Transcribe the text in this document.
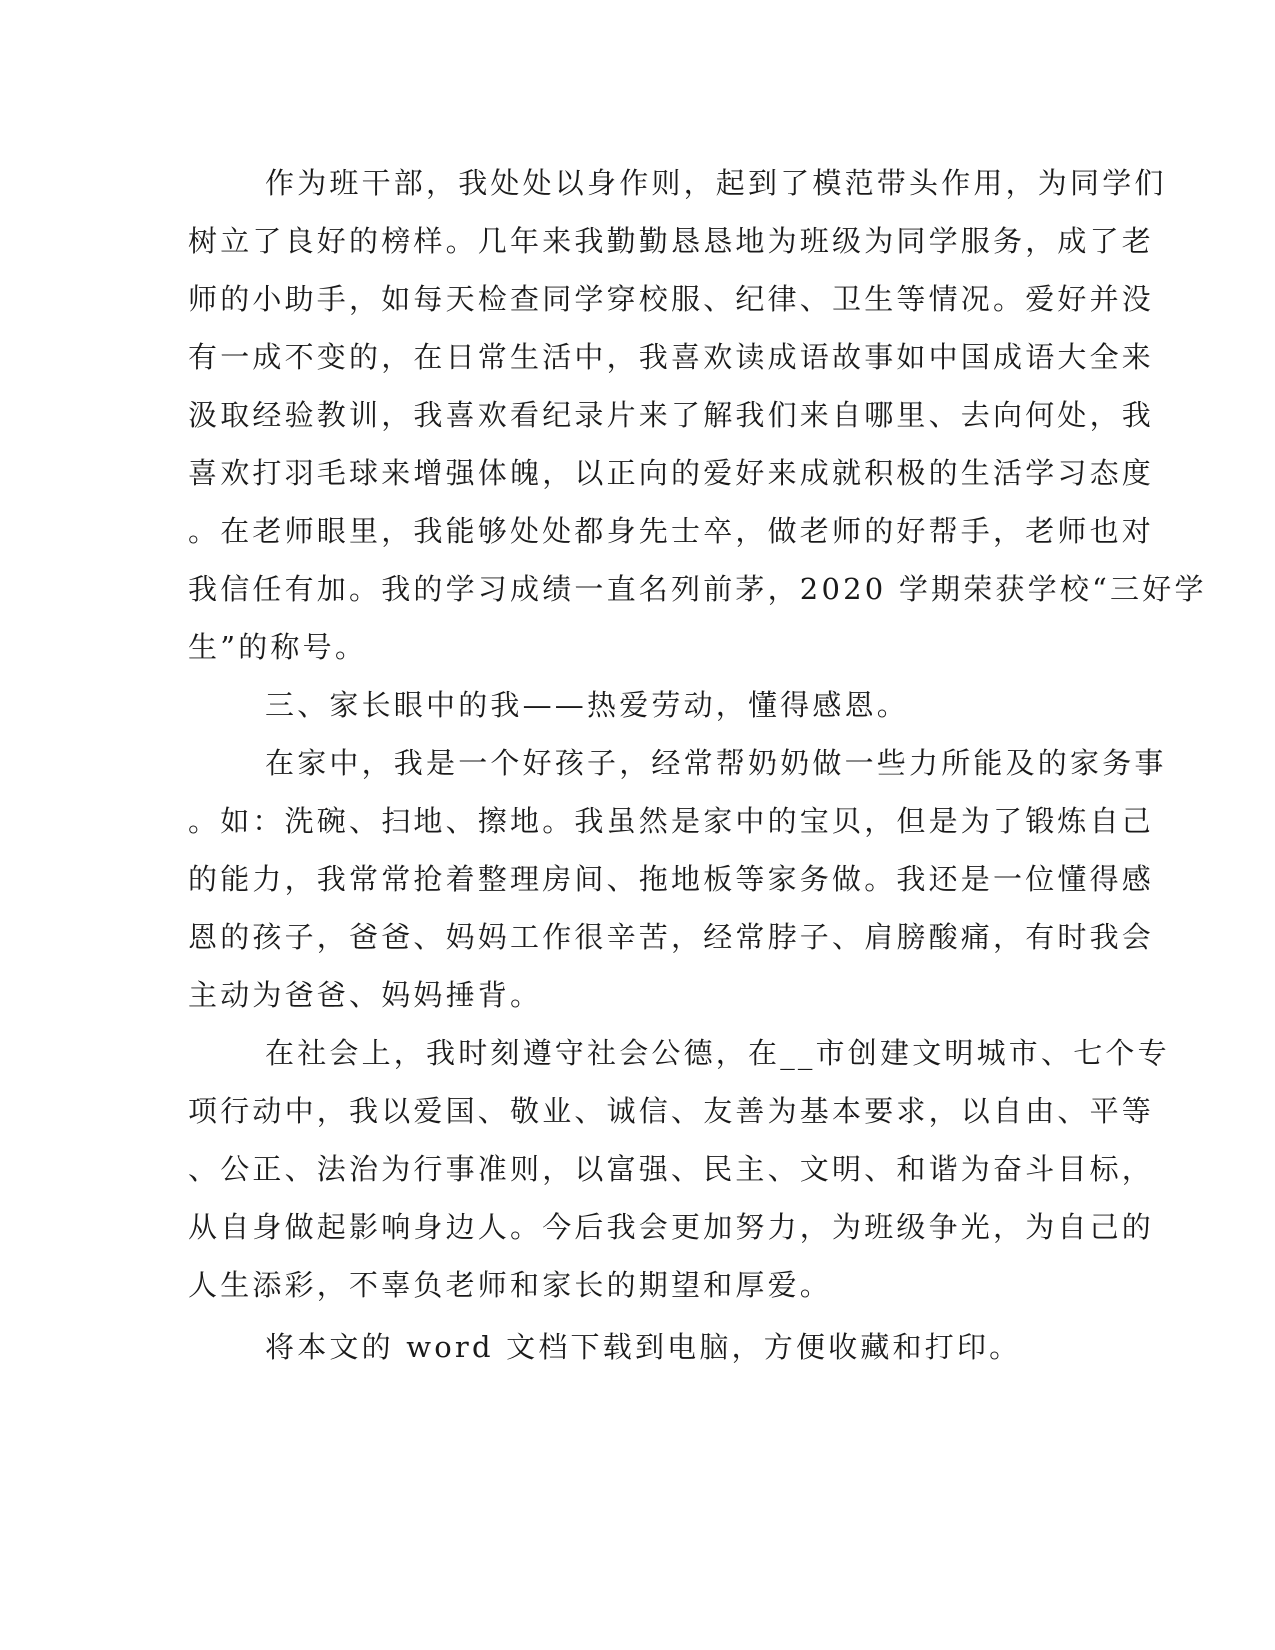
作为班干部，我处处以身作则，起到了模范带头作用，为同学们
树立了良好的榜样。几年来我勤勤恳恳地为班级为同学服务，成了老
师的小助手，如每天检查同学穿校服、纪律、卫生等情况。爱好并没
有一成不变的，在日常生活中，我喜欢读成语故事如中国成语大全来
汲取经验教训，我喜欢看纪录片来了解我们来自哪里、去向何处，我
喜欢打羽毛球来增强体魄，以正向的爱好来成就积极的生活学习态度
。在老师眼里，我能够处处都身先士卒，做老师的好帮手，老师也对
我信任有加。我的学习成绩一直名列前茅，2020 学期荣获学校“三好学
生”的称号。
三、家长眼中的我——热爱劳动，懂得感恩。
在家中，我是一个好孩子，经常帮奶奶做一些力所能及的家务事
。如：洗碗、扫地、擦地。我虽然是家中的宝贝，但是为了锻炼自己
的能力，我常常抢着整理房间、拖地板等家务做。我还是一位懂得感
恩的孩子，爸爸、妈妈工作很辛苦，经常脖子、肩膀酸痛，有时我会
主动为爸爸、妈妈捶背。
在社会上，我时刻遵守社会公德，在__市创建文明城市、七个专
项行动中，我以爱国、敬业、诚信、友善为基本要求，以自由、平等
、公正、法治为行事准则，以富强、民主、文明、和谐为奋斗目标，
从自身做起影响身边人。今后我会更加努力，为班级争光，为自己的
人生添彩，不辜负老师和家长的期望和厚爱。
将本文的 word 文档下载到电脑，方便收藏和打印。
